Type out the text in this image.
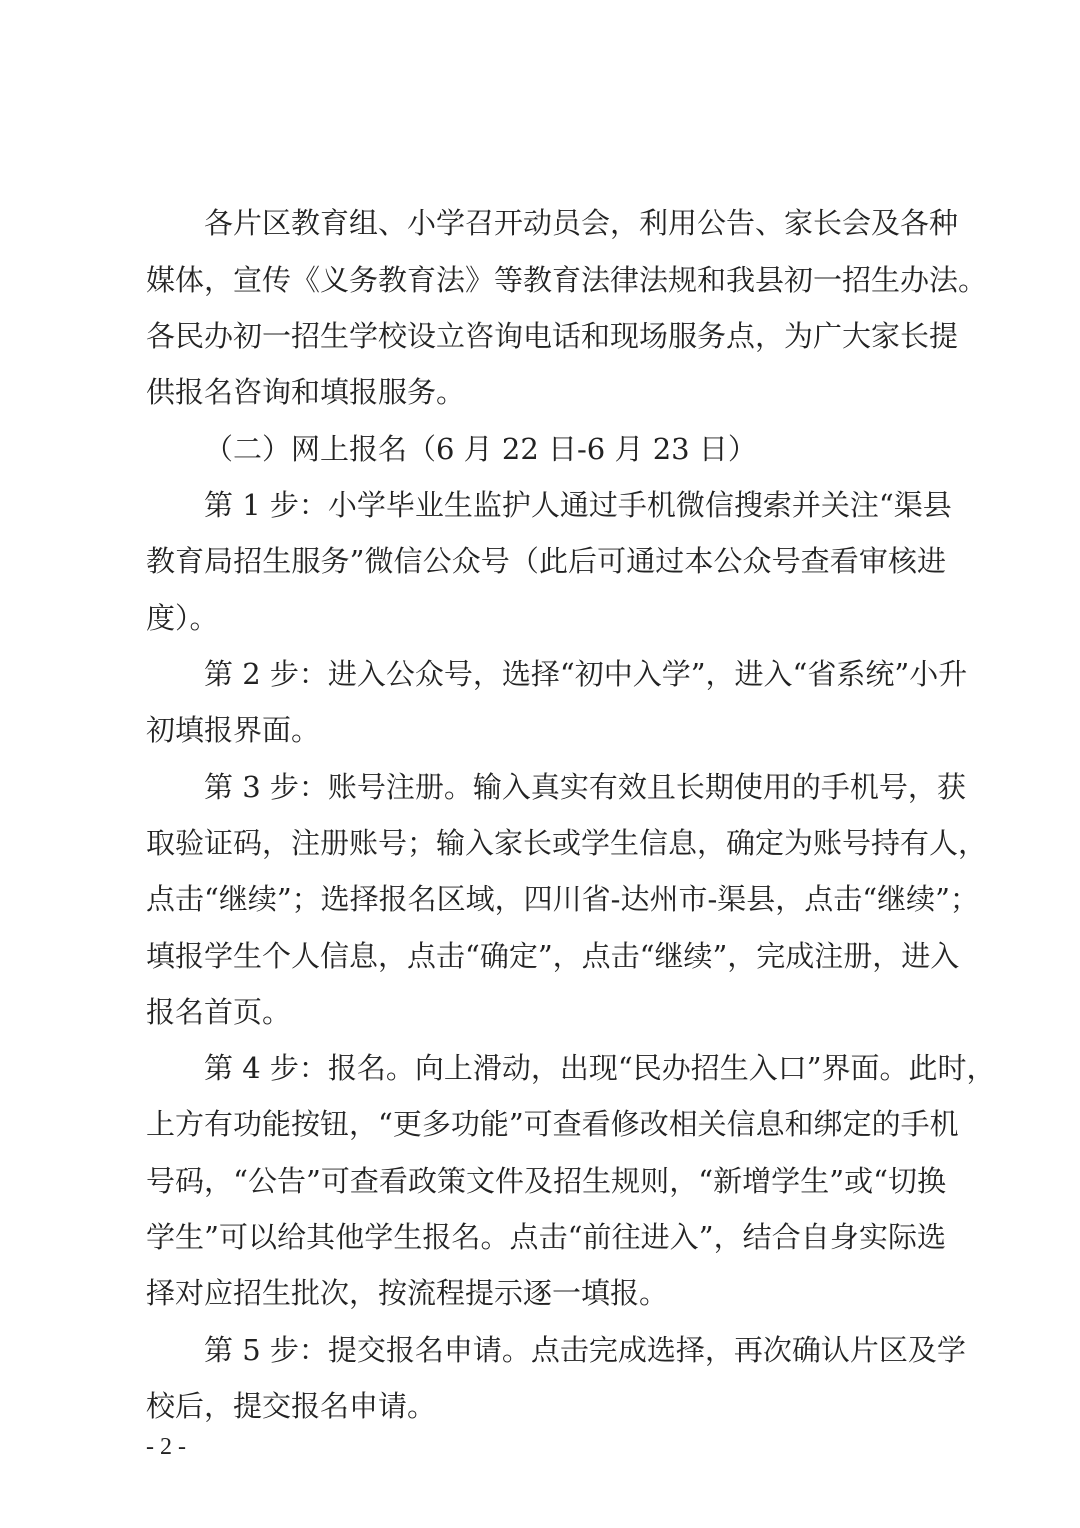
各片区教育组、小学召开动员会，利用公告、家长会及各种
媒体，宣传《义务教育法》等教育法律法规和我县初一招生办法。
各民办初一招生学校设立咨询电话和现场服务点，为广大家长提
供报名咨询和填报服务。
（二）网上报名（6 月 22 日-6 月 23 日）
第 1 步：小学毕业生监护人通过手机微信搜索并关注“渠县
教育局招生服务”微信公众号（此后可通过本公众号查看审核进
度）。
第 2 步：进入公众号，选择“初中入学”，进入“省系统”小升
初填报界面。
第 3 步：账号注册。输入真实有效且长期使用的手机号，获
取验证码，注册账号；输入家长或学生信息，确定为账号持有人，
点击“继续”；选择报名区域，四川省-达州市-渠县，点击“继续”；
填报学生个人信息，点击“确定”，点击“继续”，完成注册，进入
报名首页。
第 4 步：报名。向上滑动，出现“民办招生入口”界面。此时，
上方有功能按钮，“更多功能”可查看修改相关信息和绑定的手机
号码，“公告”可查看政策文件及招生规则，“新增学生”或“切换
学生”可以给其他学生报名。点击“前往进入”，结合自身实际选
择对应招生批次，按流程提示逐一填报。
第 5 步：提交报名申请。点击完成选择，再次确认片区及学
校后，提交报名申请。
- 2 -
